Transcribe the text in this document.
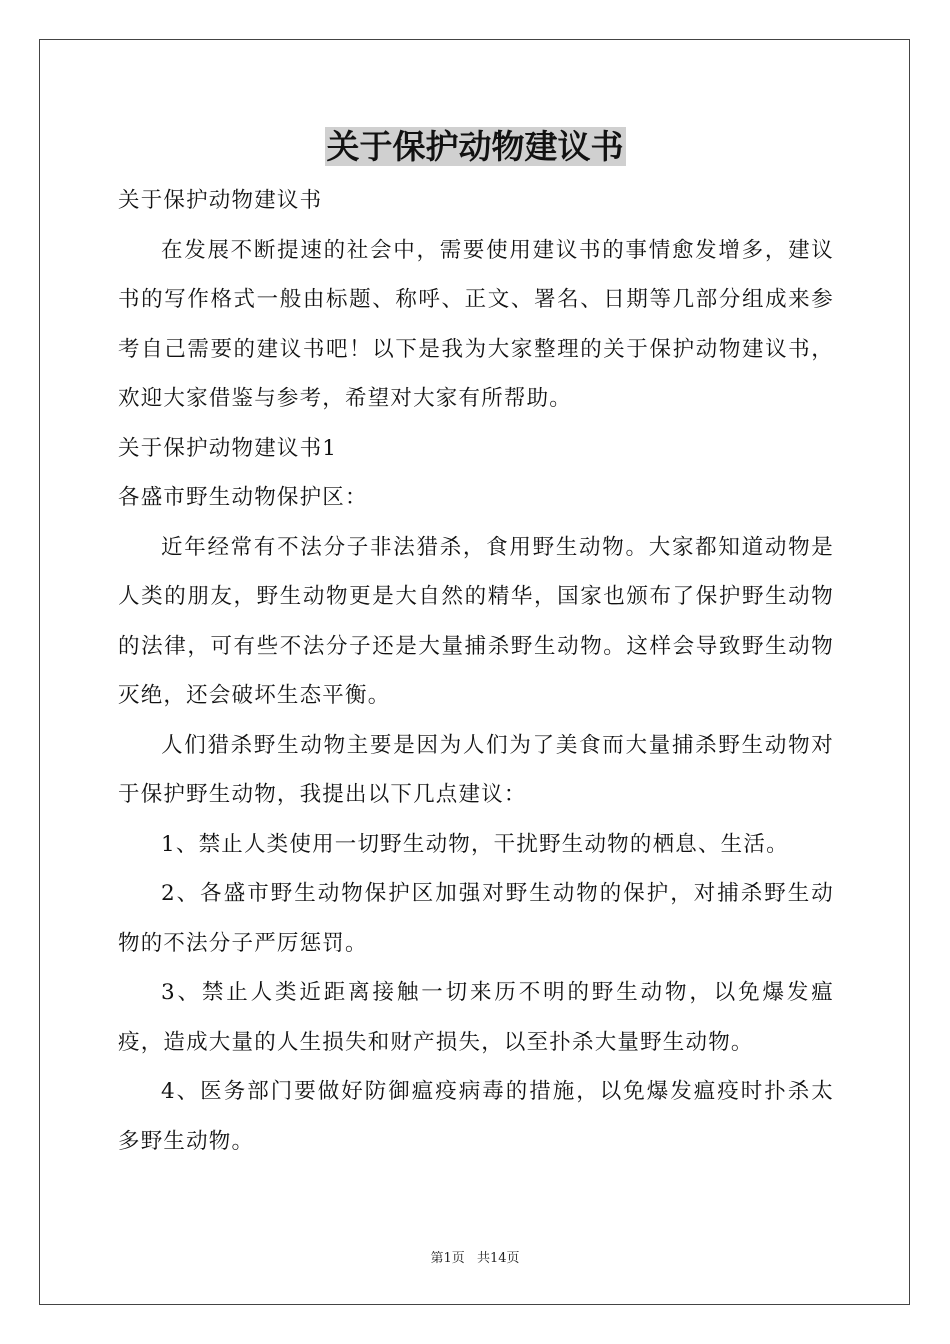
关于保护动物建议书

关于保护动物建议书

在发展不断提速的社会中，需要使用建议书的事情愈发增多，建议书的写作格式一般由标题、称呼、正文、署名、日期等几部分组成来参考自己需要的建议书吧！以下是我为大家整理的关于保护动物建议书，欢迎大家借鉴与参考，希望对大家有所帮助。

关于保护动物建议书1

各盛市野生动物保护区：

近年经常有不法分子非法猎杀，食用野生动物。大家都知道动物是人类的朋友，野生动物更是大自然的精华，国家也颁布了保护野生动物的法律，可有些不法分子还是大量捕杀野生动物。这样会导致野生动物灭绝，还会破坏生态平衡。

人们猎杀野生动物主要是因为人们为了美食而大量捕杀野生动物对于保护野生动物，我提出以下几点建议：

1、禁止人类使用一切野生动物，干扰野生动物的栖息、生活。

2、各盛市野生动物保护区加强对野生动物的保护，对捕杀野生动物的不法分子严厉惩罚。

3、禁止人类近距离接触一切来历不明的野生动物，以免爆发瘟疫，造成大量的人生损失和财产损失，以至扑杀大量野生动物。

4、医务部门要做好防御瘟疫病毒的措施，以免爆发瘟疫时扑杀太多野生动物。

第1页 共14页
